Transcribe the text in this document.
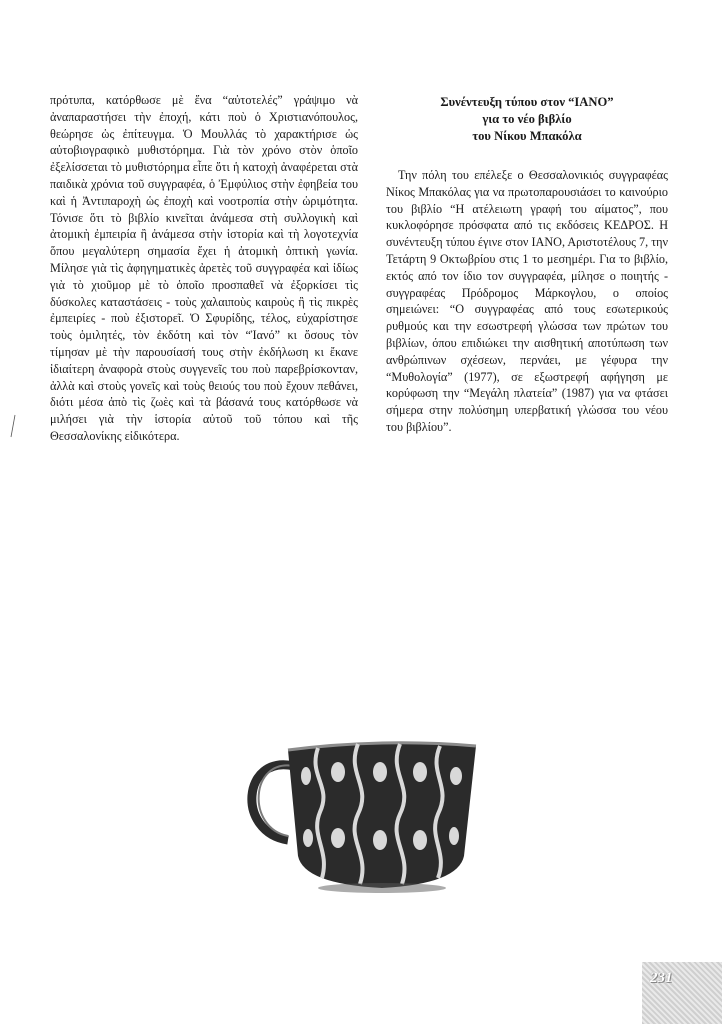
πρότυπα, κατόρθωσε μὲ ἕνα “αὐτοτελές” γράψιμο νὰ ἀναπαραστήσει τὴν ἐποχή, κάτι ποὺ ὁ Χριστιανόπουλος, θεώρησε ὡς ἐπίτευγμα. Ὁ Μουλλάς τὸ χαρακτήρισε ὡς αὐτοβιογραφικὸ μυθιστόρημα. Γιὰ τὸν χρόνο στὸν ὁποῖο ἐξελίσσεται τὸ μυθιστόρημα εἶπε ὅτι ἡ κατοχὴ ἀναφέρεται στὰ παιδικὰ χρόνια τοῦ συγγραφέα, ὁ Ἐμφύλιος στὴν ἐφηβεία του καὶ ἡ Ἀντιπαροχὴ ὡς ἐποχὴ καὶ νοοτροπία στὴν ὡριμότητα. Τόνισε ὅτι τὸ βιβλίο κινεῖται ἀνάμεσα στὴ συλλογικὴ καὶ ἀτομικὴ ἐμπειρία ἢ ἀνάμεσα στὴν ἱστορία καὶ τὴ λογοτεχνία ὅπου μεγαλύτερη σημασία ἔχει ἡ ἀτομικὴ ὀπτικὴ γωνία. Μίλησε γιὰ τὶς ἀφηγηματικὲς ἀρετὲς τοῦ συγγραφέα καὶ ἰδίως γιὰ τὸ χιοῦμορ μὲ τὸ ὁποῖο προσπαθεῖ νὰ ἐξορκίσει τὶς δύσκολες καταστάσεις - τοὺς χαλαιποὺς καιροὺς ἢ τὶς πικρὲς ἐμπειρίες - ποὺ ἐξιστορεῖ. Ὁ Σφυρίδης, τέλος, εὐχαρίστησε τοὺς ὁμιλητές, τὸν ἐκδότη καὶ τὸν “Ἰανό” κι ὅσους τὸν τίμησαν μὲ τὴν παρουσίασή τους στὴν ἐκδήλωση κι ἔκανε ἰδιαίτερη ἀναφορὰ στοὺς συγγενεῖς του ποὺ παρεβρίσκονταν, ἀλλὰ καὶ στοὺς γονεῖς καὶ τοὺς θειούς του ποὺ ἔχουν πεθάνει, διότι μέσα ἀπὸ τὶς ζωὲς καὶ τὰ βάσανά τους κατόρθωσε νὰ μιλήσει γιὰ τὴν ἱστορία αὐτοῦ τοῦ τόπου καὶ τῆς Θεσσαλονίκης εἰδικότερα.

Συνέντευξη τύπου στον “ΙΑΝΟ”
για το νέο βιβλίο
του Νίκου Μπακόλα

Την πόλη του επέλεξε ο Θεσσαλονικιός συγγραφέας Νίκος Μπακόλας για να πρωτοπαρουσιάσει το καινούριο του βιβλίο “Η ατέλειωτη γραφή του αίματος”, που κυκλοφόρησε πρόσφατα από τις εκδόσεις ΚΕΔΡΟΣ. Η συνέντευξη τύπου έγινε στον ΙΑΝΟ, Αριστοτέλους 7, την Τετάρτη 9 Οκτωβρίου στις 1 το μεσημέρι. Για το βιβλίο, εκτός από τον ίδιο τον συγγραφέα, μίλησε ο ποιητής - συγγραφέας Πρόδρομος Μάρκογλου, ο οποίος σημειώνει: “Ο συγγραφέας από τους εσωτερικούς ρυθμούς και την εσωστρεφή γλώσσα των πρώτων του βιβλίων, όπου επιδιώκει την αισθητική αποτύπωση των ανθρώπινων σχέσεων, περνάει, με γέφυρα την “Μυθολογία” (1977), σε εξωστρεφή αφήγηση με κορύφωση την “Μεγάλη πλατεία” (1987) για να φτάσει σήμερα στην πολύσημη υπερβατική γλώσσα του νέου του βιβλίου”.

231
